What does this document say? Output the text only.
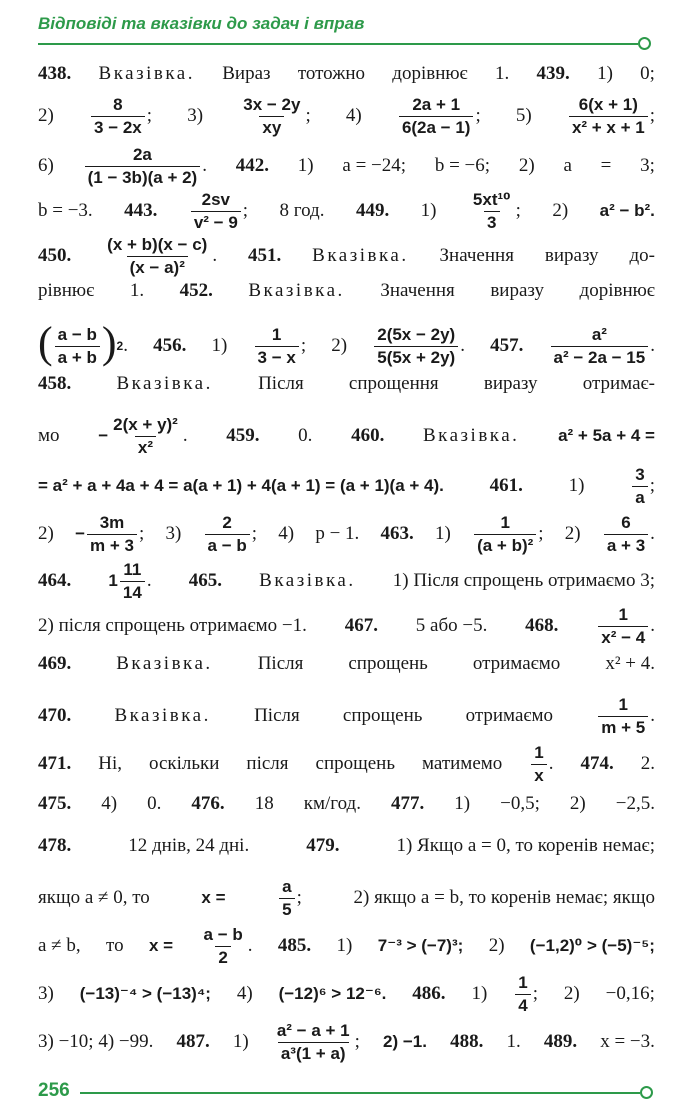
Відповіді та вказівки до задач і вправ
438. Вказівка. Вираз тотожно дорівнює 1. 439. 1) 0;
$2) \frac{8}{3 - 2x}$ ; $3) \frac{3x - 2y}{xy}$ ; $4) \frac{2a + 1}{6(2a - 1)}$ ; $5) \frac{6(x + 1)}{\text{x² + x + 1}}$ ;
$6) \frac{2a}{(1 - 3b)(a + 2)}$ . 442. 1) a = −24; b = −6; 2) a = 3;
b = −3. 443. $\frac{2sv}{\text{v² − 9}}$ ; 8 год. 449. $1) \frac{\text{5xt¹⁰}}{3}$ ; 2) a² − b².
450. $\frac{(x + b)(x - c)}{\text{(x − a)²}}$ . 451. Вказівка. Значення виразу до-
рівнює 1. 452. Вказівка. Значення виразу дорівнює
( $\frac{a - b}{a + b}$ ) 2 . 456. $1) \frac{1}{3 - x}$ ; $2) \frac{2(5x - 2y)}{5(5x + 2y)}$ . 457. $\frac{\text{a²}}{\text{a² − 2a − 15}}$ .
458. Вказівка. Після спрощення виразу отримає-
мо − $\frac{\text{2(x + y)²}}{\text{x²}}$ . 459. 0. 460. Вказівка. a² + 5a + 4 =
= a² + a + 4a + 4 = a(a + 1) + 4(a + 1) = (a + 1)(a + 4). 461. 1)	$\frac{3}{a}$ ;
$2) - \frac{3m}{m + 3}$ ; $3) \frac{2}{a - b}$ ; 4) p − 1. 463. $1) \frac{1}{\text{(a + b)²}}$ ; $2) \frac{6}{a + 3}$ .
464. $1 \frac{11}{14}$ . 465. Вказівка. 1) Після спрощень отримаємо 3;
2) після спрощень отримаємо −1. 467. 5 або −5. 468. $\frac{1}{\text{x² − 4}}$ .
469. Вказівка. Після спрощень отримаємо x² + 4.
470. Вказівка. Після спрощень отримаємо	$\frac{1}{m + 5}$ .
471. Ні, оскільки після спрощень матимемо $\frac{1}{x}$ . 474. 2.
475. 4) 0. 476. 18 км/год. 477. 1) −0,5; 2) −2,5.
478.	12 днів, 24 дні.	479.	1) Якщо a = 0, то коренів немає;
якщо a ≠ 0, то	x =	$\frac{a}{5}$ ;	2) якщо a = b, то коренів немає; якщо
a ≠ b, то $x = \frac{a - b}{2}$ . 485. 1) 7⁻³ > (−7)³; 2) (−1,2)⁰ > (−5)⁻⁵;
3) (−13)⁻⁴ > (−13)⁴; 4) (−12)⁶ > 12⁻⁶. 486. $1) \frac{1}{4}$ ; 2) −0,16;
3) −10; 4) −99. 487. $1) \frac{\text{a² − a + 1}}{\text{a³(1 + a)}}$ ; 2) −1. 488. 1. 489. x = −3.
256
